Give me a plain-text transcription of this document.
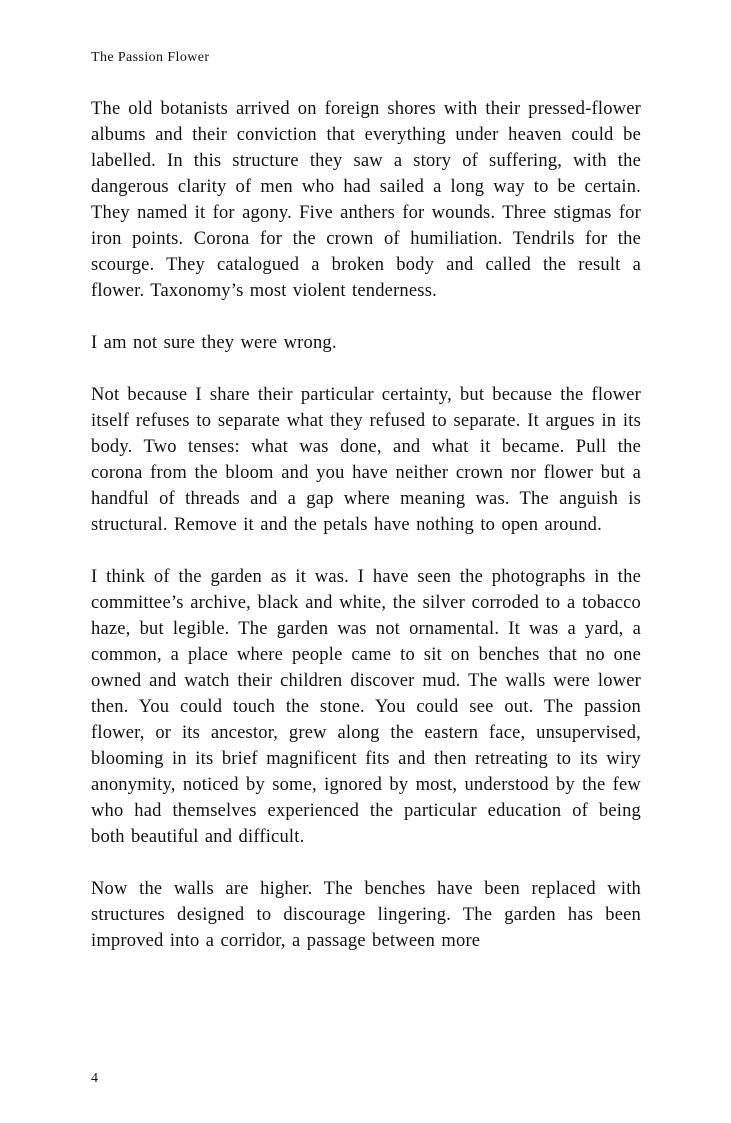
The Passion Flower

The old botanists arrived on foreign shores with their pressed-flower albums and their conviction that everything under heaven could be labelled. In this structure they saw a story of suffering, with the dangerous clarity of men who had sailed a long way to be certain. They named it for agony. Five anthers for wounds. Three stigmas for iron points. Corona for the crown of humiliation. Tendrils for the scourge. They catalogued a broken body and called the result a flower. Taxonomy’s most violent tenderness.

I am not sure they were wrong.

Not because I share their particular certainty, but because the flower itself refuses to separate what they refused to separate. It argues in its body. Two tenses: what was done, and what it became. Pull the corona from the bloom and you have neither crown nor flower but a handful of threads and a gap where meaning was. The anguish is structural. Remove it and the petals have nothing to open around.

I think of the garden as it was. I have seen the photographs in the committee’s archive, black and white, the silver corroded to a tobacco haze, but legible. The garden was not ornamental. It was a yard, a common, a place where people came to sit on benches that no one owned and watch their children discover mud. The walls were lower then. You could touch the stone. You could see out. The passion flower, or its ancestor, grew along the eastern face, unsupervised, blooming in its brief magnificent fits and then retreating to its wiry anonymity, noticed by some, ignored by most, understood by the few who had themselves experienced the particular education of being both beautiful and difficult.

Now the walls are higher. The benches have been replaced with structures designed to discourage lingering. The garden has been improved into a corridor, a passage between more

4
